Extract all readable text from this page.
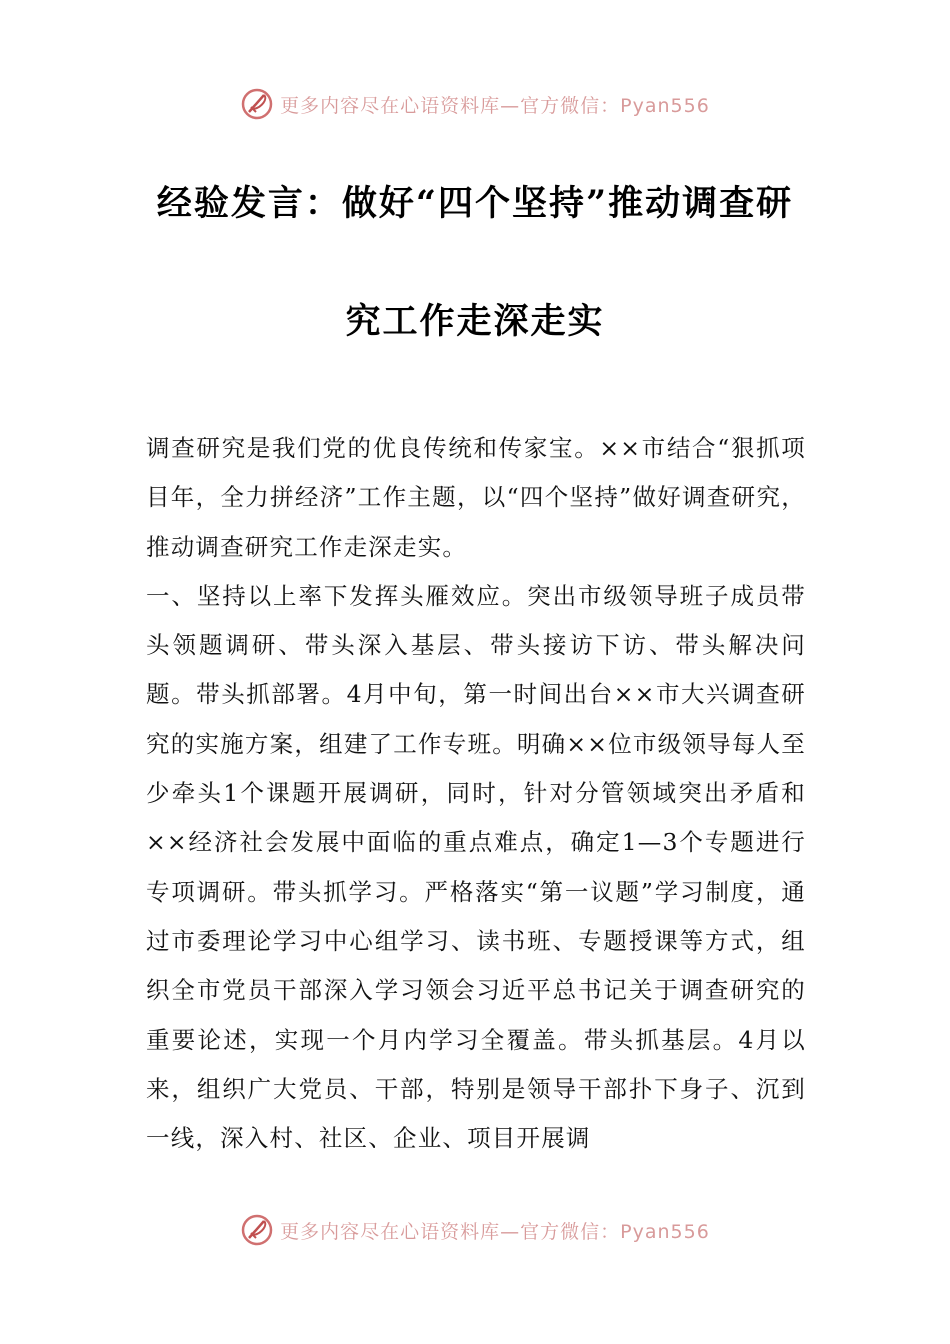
更多内容尽在心语资料库—官方微信：Pyan556
经验发言：做好“四个坚持”推动调查研
究工作走深走实

调查研究是我们党的优良传统和传家宝。××市结合“狠抓项目年，全力拼经济”工作主题，以“四个坚持”做好调查研究，推动调查研究工作走深走实。

一、坚持以上率下发挥头雁效应。突出市级领导班子成员带头领题调研、带头深入基层、带头接访下访、带头解决问题。带头抓部署。4月中旬，第一时间出台××市大兴调查研究的实施方案，组建了工作专班。明确××位市级领导每人至少牵头1个课题开展调研，同时，针对分管领域突出矛盾和××经济社会发展中面临的重点难点，确定1—3个专题进行专项调研。带头抓学习。严格落实“第一议题”学习制度，通过市委理论学习中心组学习、读书班、专题授课等方式，组织全市党员干部深入学习领会习近平总书记关于调查研究的重要论述，实现一个月内学习全覆盖。带头抓基层。4月以来，组织广大党员、干部，特别是领导干部扑下身子、沉到一线，深入村、社区、企业、项目开展调

更多内容尽在心语资料库—官方微信：Pyan556
